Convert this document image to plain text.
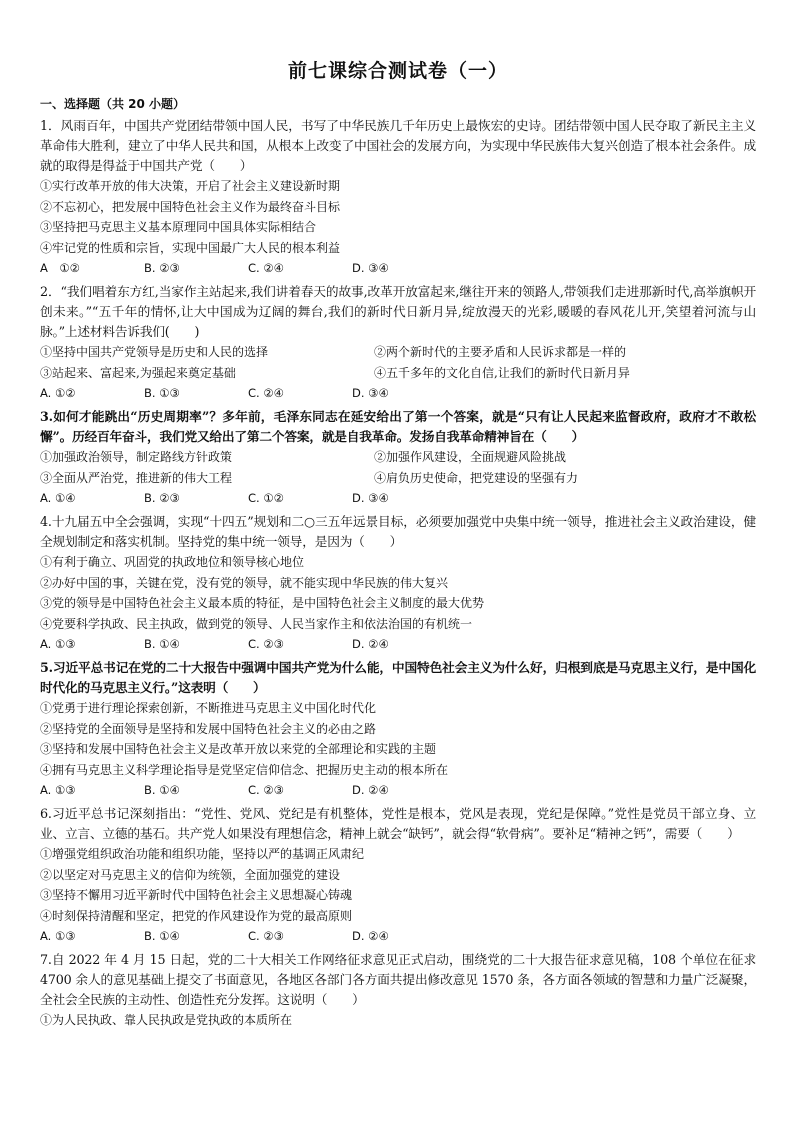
前七课综合测试卷（一）
一、选择题（共 20 小题）
1．风雨百年，中国共产党团结带领中国人民，书写了中华民族几千年历史上最恢宏的史诗。团结带领中国人民夺取了新民主主义革命伟大胜利，建立了中华人民共和国，从根本上改变了中国社会的发展方向，为实现中华民族伟大复兴创造了根本社会条件。成就的取得是得益于中国共产党（　　）
①实行改革开放的伟大决策，开启了社会主义建设新时期
②不忘初心，把发展中国特色社会主义作为最终奋斗目标
③坚持把马克思主义基本原理同中国具体实际相结合
④牢记党的性质和宗旨，实现中国最广大人民的根本利益
A　①②	B. ②③	C. ②④	D. ③④
2．“我们唱着东方红,当家作主站起来,我们讲着春天的故事,改革开放富起来,继往开来的领路人,带领我们走进那新时代,高举旗帜开创未来。”“五千年的情怀,让大中国成为辽阔的舞台,我们的新时代日新月异,绽放漫天的光彩,暖暖的春风花儿开,笑望着河流与山脉。”上述材料告诉我们(　　)
①坚持中国共产党领导是历史和人民的选择	②两个新时代的主要矛盾和人民诉求都是一样的
③站起来、富起来,为强起来奠定基础	④五千多年的文化自信,让我们的新时代日新月异
A. ①②	B. ①③	C. ②④	D. ③④
3.如何才能跳出“历史周期率”？多年前，毛泽东同志在延安给出了第一个答案，就是“只有让人民起来监督政府，政府才不敢松懈”。历经百年奋斗，我们党又给出了第二个答案，就是自我革命。发扬自我革命精神旨在（　　）
①加强政治领导，制定路线方针政策	②加强作风建设，全面规避风险挑战
③全面从严治党，推进新的伟大工程	④肩负历史使命，把党建设的坚强有力
A. ①④	B. ②③	C. ①②	D. ③④
4.十九届五中全会强调，实现“十四五”规划和二○三五年远景目标，必须要加强党中央集中统一领导，推进社会主义政治建设，健全规划制定和落实机制。坚持党的集中统一领导，是因为（　　）
①有利于确立、巩固党的执政地位和领导核心地位
②办好中国的事，关键在党，没有党的领导，就不能实现中华民族的伟大复兴
③党的领导是中国特色社会主义最本质的特征，是中国特色社会主义制度的最大优势
④党要科学执政、民主执政，做到党的领导、人民当家作主和依法治国的有机统一
A. ①③	B. ①④	C. ②③	D. ②④
5.习近平总书记在党的二十大报告中强调中国共产党为什么能，中国特色社会主义为什么好，归根到底是马克思主义行，是中国化时代化的马克思主义行。”这表明（　　）
①党勇于进行理论探索创新，不断推进马克思主义中国化时代化
②坚持党的全面领导是坚持和发展中国特色社会主义的必由之路
③坚持和发展中国特色社会主义是改革开放以来党的全部理论和实践的主题
④拥有马克思主义科学理论指导是党坚定信仰信念、把握历史主动的根本所在
A. ①③	B. ①④	C. ②③	D. ②④
6.习近平总书记深刻指出：“党性、党风、党纪是有机整体，党性是根本，党风是表现，党纪是保障。”党性是党员干部立身、立业、立言、立德的基石。共产党人如果没有理想信念，精神上就会“缺钙”，就会得“软骨病”。要补足“精神之钙”，需要（　　）
①增强党组织政治功能和组织功能，坚持以严的基调正风肃纪
②以坚定对马克思主义的信仰为统领，全面加强党的建设
③坚持不懈用习近平新时代中国特色社会主义思想凝心铸魂
④时刻保持清醒和坚定，把党的作风建设作为党的最高原则
A. ①③	B. ①④	C. ②③	D. ②④
7.自 2022 年 4 月 15 日起，党的二十大相关工作网络征求意见正式启动，围绕党的二十大报告征求意见稿，108 个单位在征求 4700 余人的意见基础上提交了书面意见，各地区各部门各方面共提出修改意见 1570 条，各方面各领域的智慧和力量广泛凝聚，全社会全民族的主动性、创造性充分发挥。这说明（　　）
①为人民执政、靠人民执政是党执政的本质所在
